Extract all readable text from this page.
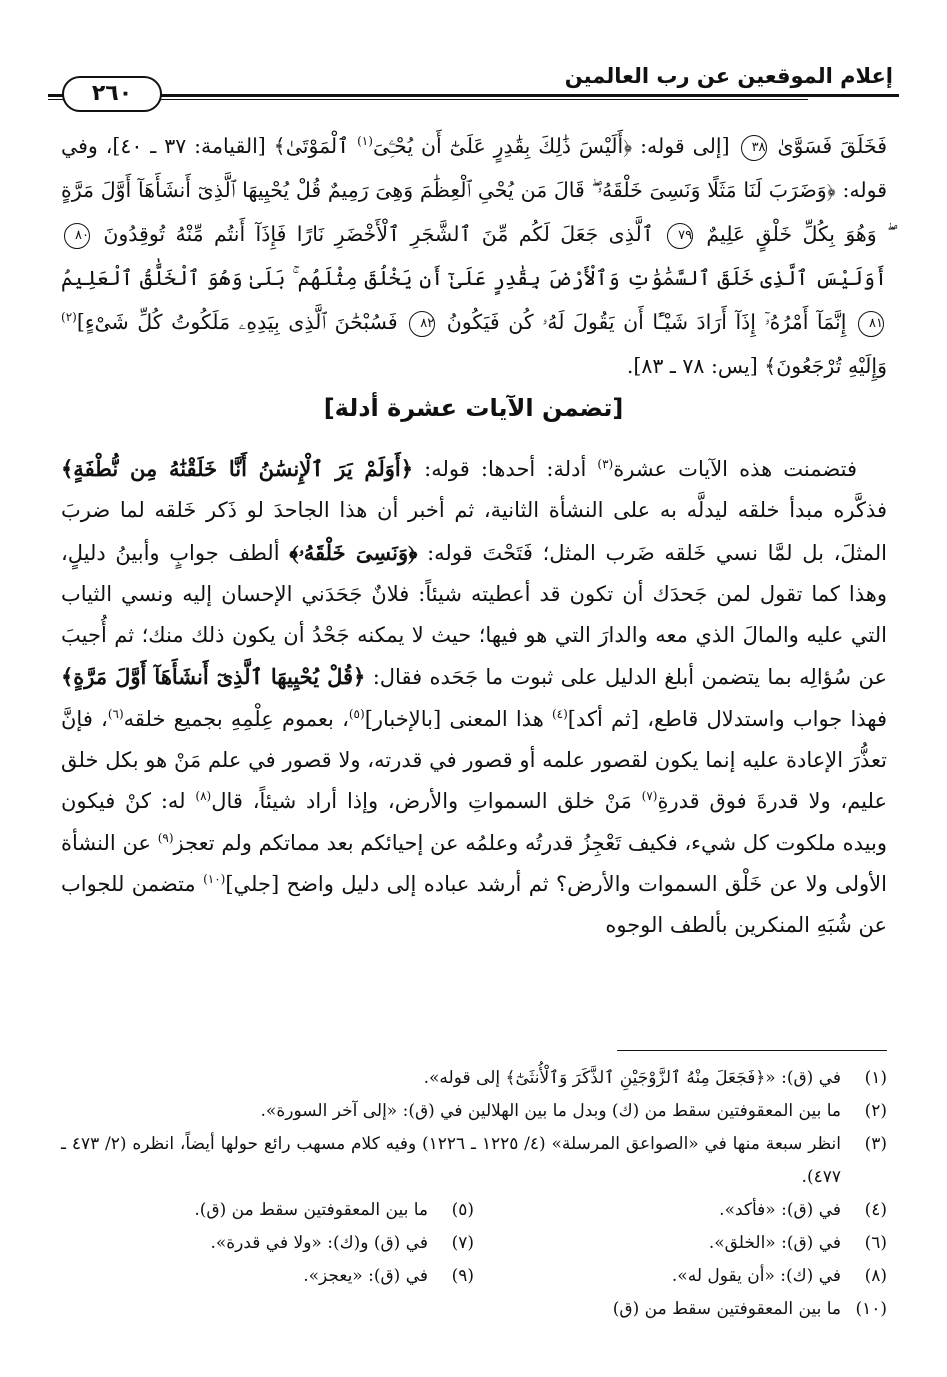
إعلام الموقعين عن رب العالمين
٢٦٠

فَخَلَقَ فَسَوَّىٰ ٣٨ [إلى قوله: ﴿أَلَيْسَ ذَٰلِكَ بِقَٰدِرٍ عَلَىٰٓ أَن يُحْـِۧىَ$^{(١)}$ ٱلْمَوْتَىٰ﴾ [القيامة: ٣٧ ـ ٤٠]، وفي قوله: ﴿وَضَرَبَ لَنَا مَثَلًا وَنَسِىَ خَلْقَهُۥ ۖ قَالَ مَن يُحْىِ ٱلْعِظَٰمَ وَهِىَ رَمِيمٌ قُلْ يُحْيِيهَا ٱلَّذِىٓ أَنشَأَهَآ أَوَّلَ مَرَّةٍ ۖ وَهُوَ بِكُلِّ خَلْقٍ عَلِيمٌ ٧٩ ٱلَّذِى جَعَلَ لَكُم مِّنَ ٱلشَّجَرِ ٱلْأَخْضَرِ نَارًا فَإِذَآ أَنتُم مِّنْهُ تُوقِدُونَ ٨٠ أَوَلَيْسَ ٱلَّذِى خَلَقَ ٱلسَّمَٰوَٰتِ وَٱلْأَرْضَ بِقَٰدِرٍ عَلَىٰٓ أَن يَخْلُقَ مِثْلَهُم ۚ بَلَىٰ وَهُوَ ٱلْخَلَّٰقُ ٱلْعَلِيمُ ٨١ إِنَّمَآ أَمْرُهُۥٓ إِذَآ أَرَادَ شَيْـًٔا أَن يَقُولَ لَهُۥ كُن فَيَكُونُ ٨٢ فَسُبْحَٰنَ ٱلَّذِى بِيَدِهِۦ مَلَكُوتُ كُلِّ شَىْءٍ]$^{(٢)}$ وَإِلَيْهِ تُرْجَعُونَ﴾ [يس: ٧٨ ـ ٨٣].

[تضمن الآيات عشرة أدلة]

فتضمنت هذه الآيات عشرة$^{(٣)}$ أدلة: أحدها: قوله: ﴿أَوَلَمْ يَرَ ٱلْإِنسَٰنُ أَنَّا خَلَقْنَٰهُ مِن نُّطْفَةٍ﴾ فذكَّره مبدأ خلقه ليدلَّه به على النشأة الثانية، ثم أخبر أن هذا الجاحدَ لو ذَكر خَلقه لما ضربَ المثلَ، بل لمَّا نسي خَلقه ضَرب المثل؛ فَتَحْتَ قوله: ﴿وَنَسِىَ خَلْقَهُۥ﴾ ألطف جوابٍ وأبينُ دليلٍ، وهذا كما تقول لمن جَحدَك أن تكون قد أعطيته شيئاً: فلانٌ جَحَدَني الإحسان إليه ونسي الثياب التي عليه والمالَ الذي معه والدارَ التي هو فيها؛ حيث لا يمكنه جَحْدُ أن يكون ذلك منك؛ ثم أُجيبَ عن سُؤالِه بما يتضمن أبلغ الدليل على ثبوت ما جَحَده فقال: ﴿قُلْ يُحْيِيهَا ٱلَّذِىٓ أَنشَأَهَآ أَوَّلَ مَرَّةٍ﴾ فهذا جواب واستدلال قاطع، [ثم أكد]$^{(٤)}$ هذا المعنى [بالإخبار]$^{(٥)}$، بعموم عِلْمِهِ بجميع خلقه$^{(٦)}$، فإنَّ تعذُّرَ الإعادة عليه إنما يكون لقصور علمه أو قصور في قدرته، ولا قصور في علم مَنْ هو بكل خلق عليم، ولا قدرةَ فوق قدرةِ$^{(٧)}$ مَنْ خلق السمواتِ والأرض، وإذا أراد شيئاً، قال$^{(٨)}$ له: كنْ فيكون وبيده ملكوت كل شيء، فكيف تَعْجِزُ قدرتُه وعلمُه عن إحيائكم بعد مماتكم ولم تعجز$^{(٩)}$ عن النشأة الأولى ولا عن خَلْق السموات والأرض؟ ثم أرشد عباده إلى دليل واضح [جلي]$^{(١٠)}$ متضمن للجواب عن شُبَهِ المنكرين بألطف الوجوه

(١)
في (ق): «﴿فَجَعَلَ مِنْهُ ٱلزَّوْجَيْنِ ٱلذَّكَرَ وَٱلْأُنثَىٰٓ﴾ إلى قوله».
(٢)
ما بين المعقوفتين سقط من (ك) وبدل ما بين الهلالين في (ق): «إلى آخر السورة».
(٣)
انظر سبعة منها في «الصواعق المرسلة» (٤/ ١٢٢٥ ـ ١٢٢٦) وفيه كلام مسهب رائع حولها أيضاً، انظره (٢/ ٤٧٣ ـ ٤٧٧).
(٤)
في (ق): «فأكد».
(٥)
ما بين المعقوفتين سقط من (ق).
(٦)
في (ق): «الخلق».
(٧)
في (ق) و(ك): «ولا في قدرة».
(٨)
في (ك): «أن يقول له».
(٩)
في (ق): «يعجز».
(١٠)
ما بين المعقوفتين سقط من (ق)
